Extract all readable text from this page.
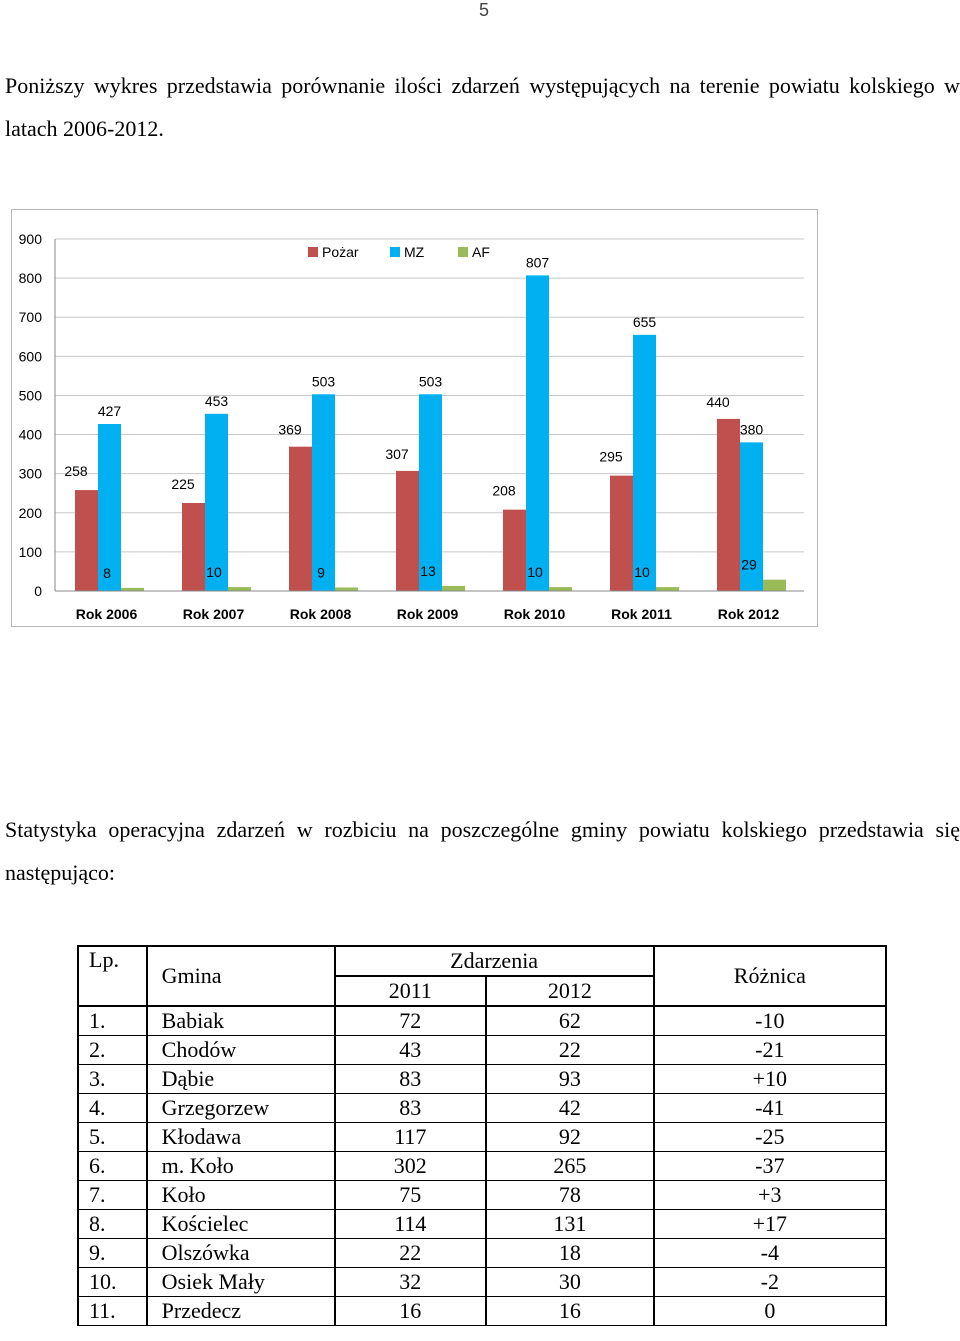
5
Poniższy wykres przedstawia porównanie ilości zdarzeń występujących na terenie powiatu kolskiego w latach 2006-2012.
0
100
200
300
400
500
600
700
800
900
258
427
8
Rok 2006
225
453
10
Rok 2007
369
503
9
Rok 2008
307
503
13
Rok 2009
208
807
10
Rok 2010
295
655
10
Rok 2011
440
380
29
Rok 2012
Pożar	MZ	AF
Statystyka operacyjna zdarzeń w rozbiciu na poszczególne gminy powiatu kolskiego przedstawia się następująco:
Lp.	Gmina	Zdarzenia		Różnica
		2011	2012	
1.	Babiak	72	62	-10
2.	Chodów	43	22	-21
3.	Dąbie	83	93	+10
4.	Grzegorzew	83	42	-41
5.	Kłodawa	117	92	-25
6.	m. Koło	302	265	-37
7.	Koło	75	78	+3
8.	Kościelec	114	131	+17
9.	Olszówka	22	18	-4
10.	Osiek Mały	32	30	-2
11.	Przedecz	16	16	0
